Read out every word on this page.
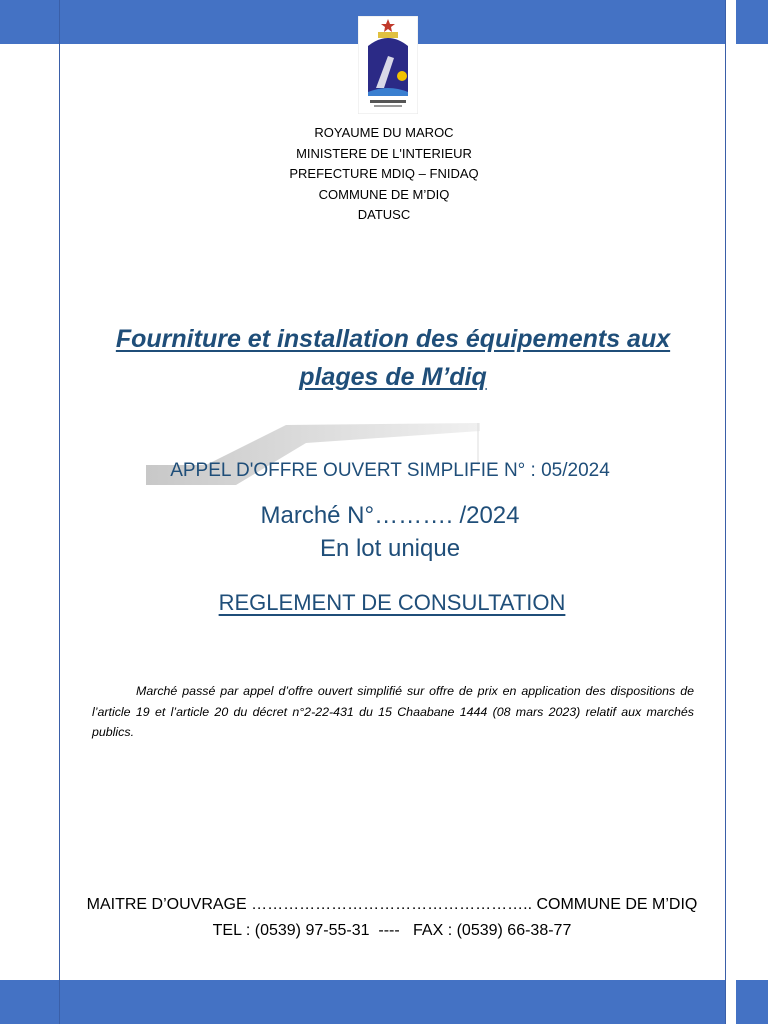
ROYAUME DU MAROC
MINISTERE DE L'INTERIEUR
PREFECTURE MDIQ – FNIDAQ
COMMUNE DE M’DIQ
DATUSC
Fourniture et installation des équipements aux plages de M’diq
APPEL D'OFFRE OUVERT SIMPLIFIE N° : 05/2024
Marché N°………. /2024
En lot unique
REGLEMENT DE CONSULTATION
Marché passé par appel d’offre ouvert simplifié sur offre de prix en application des dispositions de l’article 19 et l’article 20 du décret n°2-22-431 du 15 Chaabane 1444 (08 mars 2023) relatif aux marchés publics.
MAITRE D’OUVRAGE …………………………………………….. COMMUNE DE M’DIQ
TEL : (0539) 97-55-31  ----   FAX : (0539) 66-38-77
